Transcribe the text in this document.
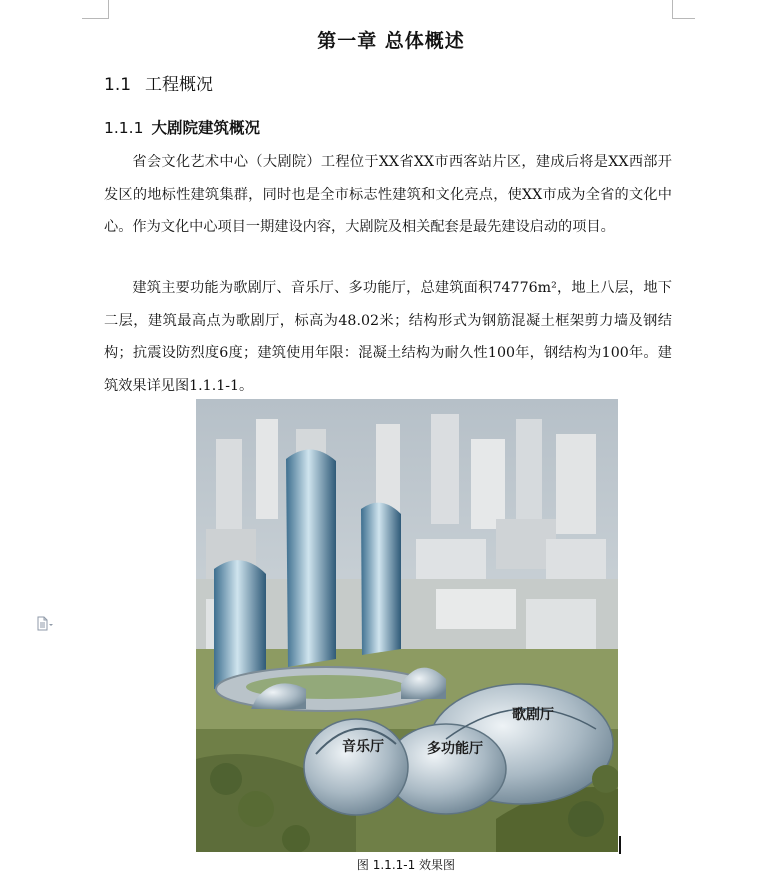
第一章 总体概述
1.1 工程概况
1.1.1 大剧院建筑概况

省会文化艺术中心（大剧院）工程位于XX省XX市西客站片区，建成后将是XX西部开发区的地标性建筑集群，同时也是全市标志性建筑和文化亮点，使XX市成为全省的文化中心。作为文化中心项目一期建设内容，大剧院及相关配套是最先建设启动的项目。

建筑主要功能为歌剧厅、音乐厅、多功能厅，总建筑面积74776m²，地上八层，地下二层，建筑最高点为歌剧厅，标高为48.02米；结构形式为钢筋混凝土框架剪力墙及钢结构；抗震设防烈度6度；建筑使用年限：混凝土结构为耐久性100年，钢结构为100年。建筑效果详见图1.1.1-1。

歌剧厅
音乐厅	多功能厅
图 1.1.1-1 效果图
